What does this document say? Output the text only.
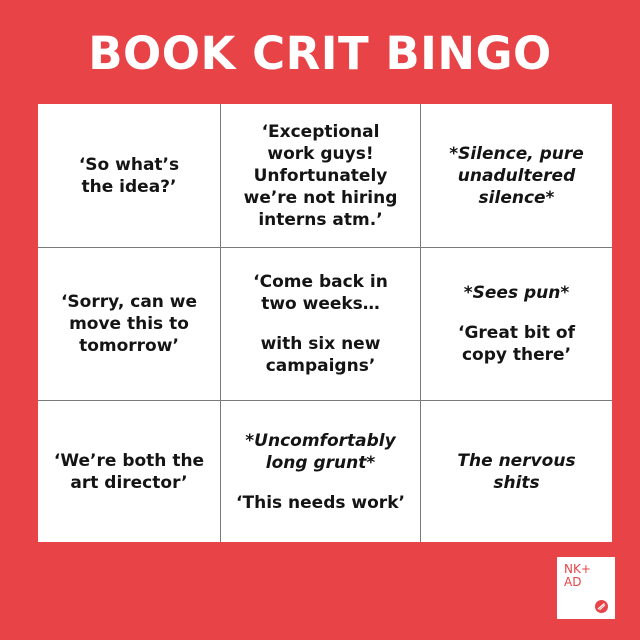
BOOK CRIT BINGO
‘So what’s
the idea?’
‘Exceptional
work guys!
Unfortunately
we’re not hiring
interns atm.’
*Silence, pure
unadultered
silence*
‘Sorry, can we
move this to
tomorrow’
‘Come back in
two weeks…
with six new
campaigns’
*Sees pun*
‘Great bit of
copy there’
‘We’re both the
art director’
*Uncomfortably
long grunt*
‘This needs work’
The nervous
shits
NK+
AD
